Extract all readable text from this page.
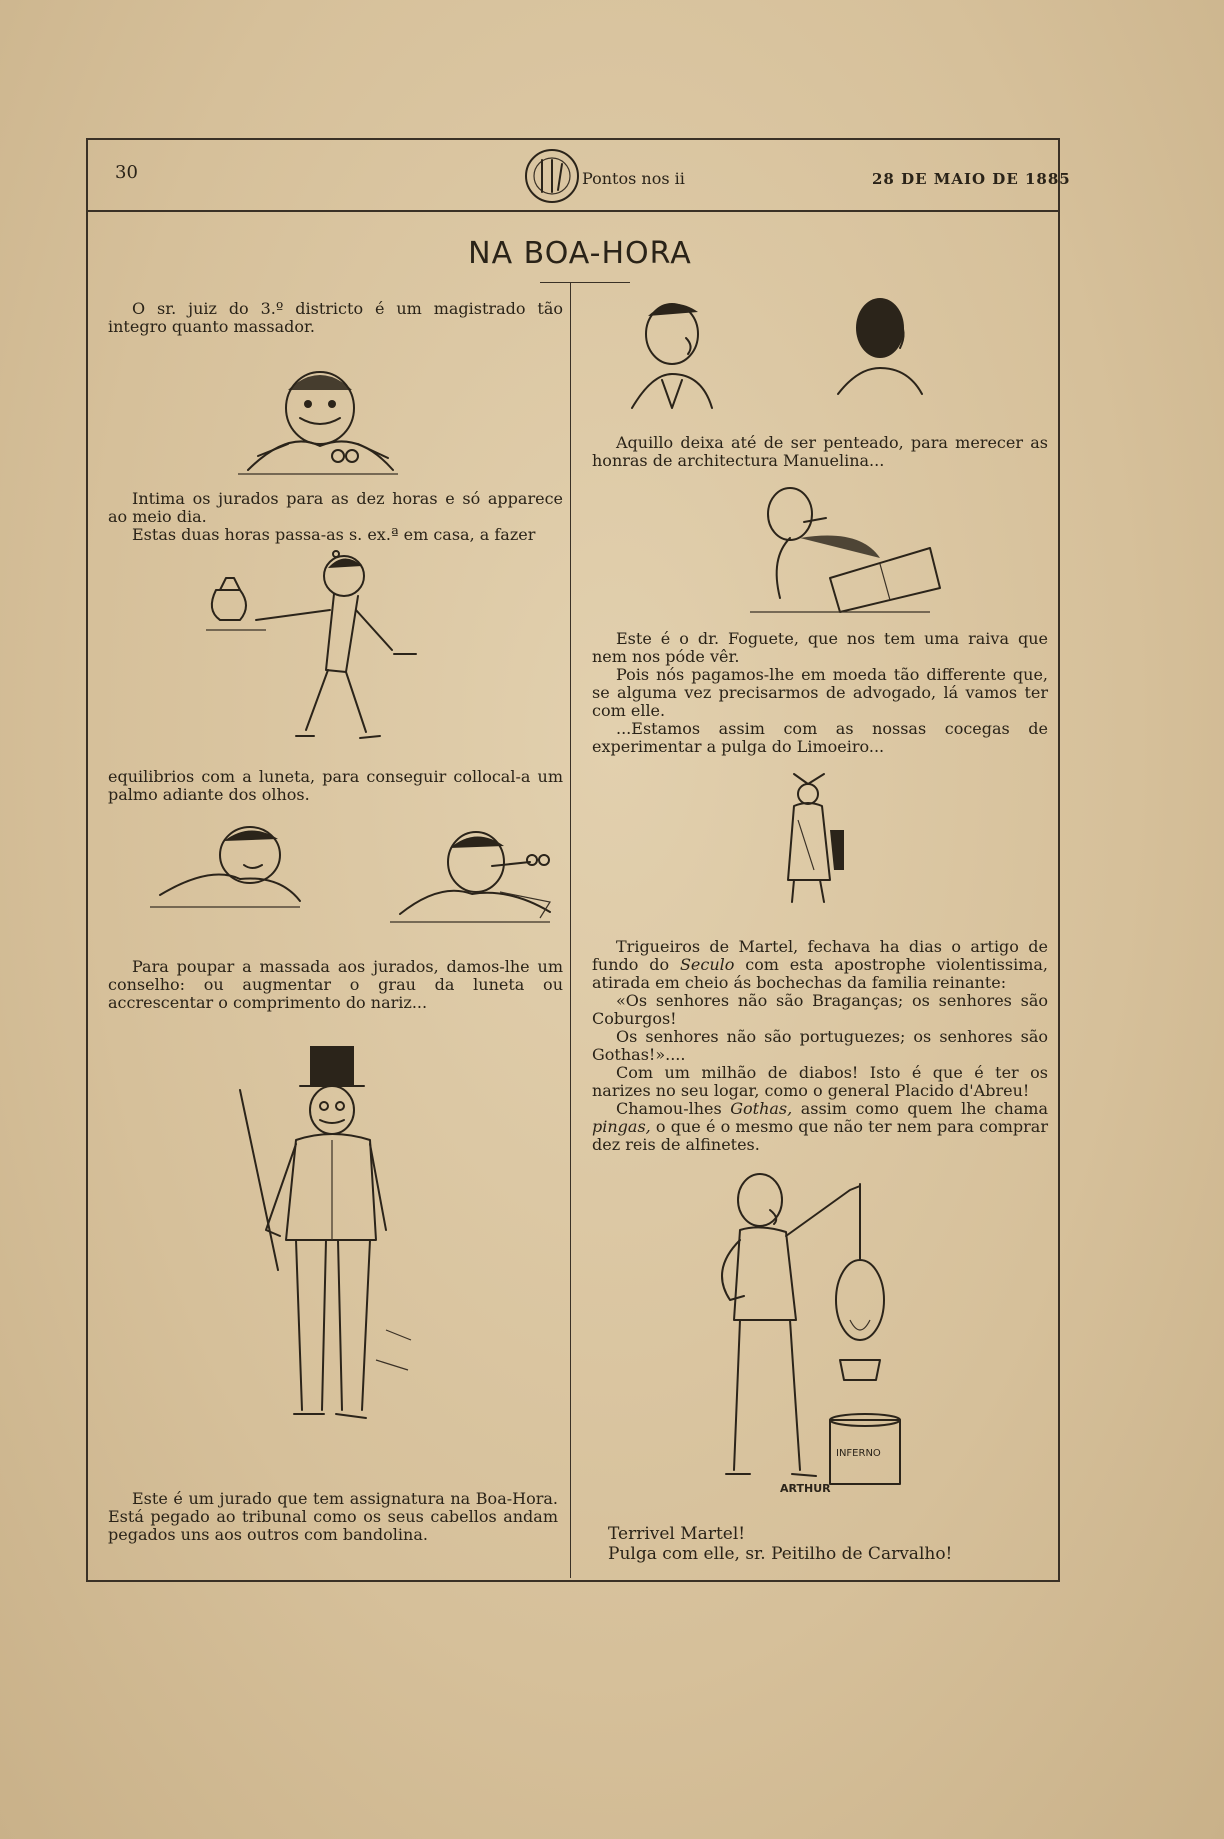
30	Pontos nos ii	28 DE MAIO DE 1885
NA BOA-HORA

O sr. juiz do 3.º districto é um magistrado tão integro quanto massador.

Intima os jurados para as dez horas e só apparece ao meio dia.

Estas duas horas passa-as s. ex.ª em casa, a fazer

equilibrios com a luneta, para conseguir collocal-a um palmo adiante dos olhos.

Para poupar a massada aos jurados, damos-lhe um conselho: ou augmentar o grau da luneta ou accrescentar o comprimento do nariz...

Este é um jurado que tem assignatura na Boa-Hora. Está pegado ao tribunal como os seus cabellos andam pegados uns aos outros com bandolina.

Aquillo deixa até de ser penteado, para merecer as honras de architectura Manuelina...

Este é o dr. Foguete, que nos tem uma raiva que nem nos póde vêr.

Pois nós pagamos-lhe em moeda tão differente que, se alguma vez precisarmos de advogado, lá vamos ter com elle.

...Estamos assim com as nossas cocegas de experimentar a pulga do Limoeiro...

Trigueiros de Martel, fechava ha dias o artigo de fundo do Seculo com esta apostrophe violentissima, atirada em cheio ás bochechas da familia reinante:

«Os senhores não são Braganças; os senhores são Coburgos!

Os senhores não são portuguezes; os senhores são Gothas!»....

Com um milhão de diabos! Isto é que é ter os narizes no seu logar, como o general Placido d'Abreu!

Chamou-lhes Gothas, assim como quem lhe chama pingas, o que é o mesmo que não ter nem para comprar dez reis de alfinetes.

INFERNO
ARTHUR

Terrivel Martel!

Pulga com elle, sr. Peitilho de Carvalho!
